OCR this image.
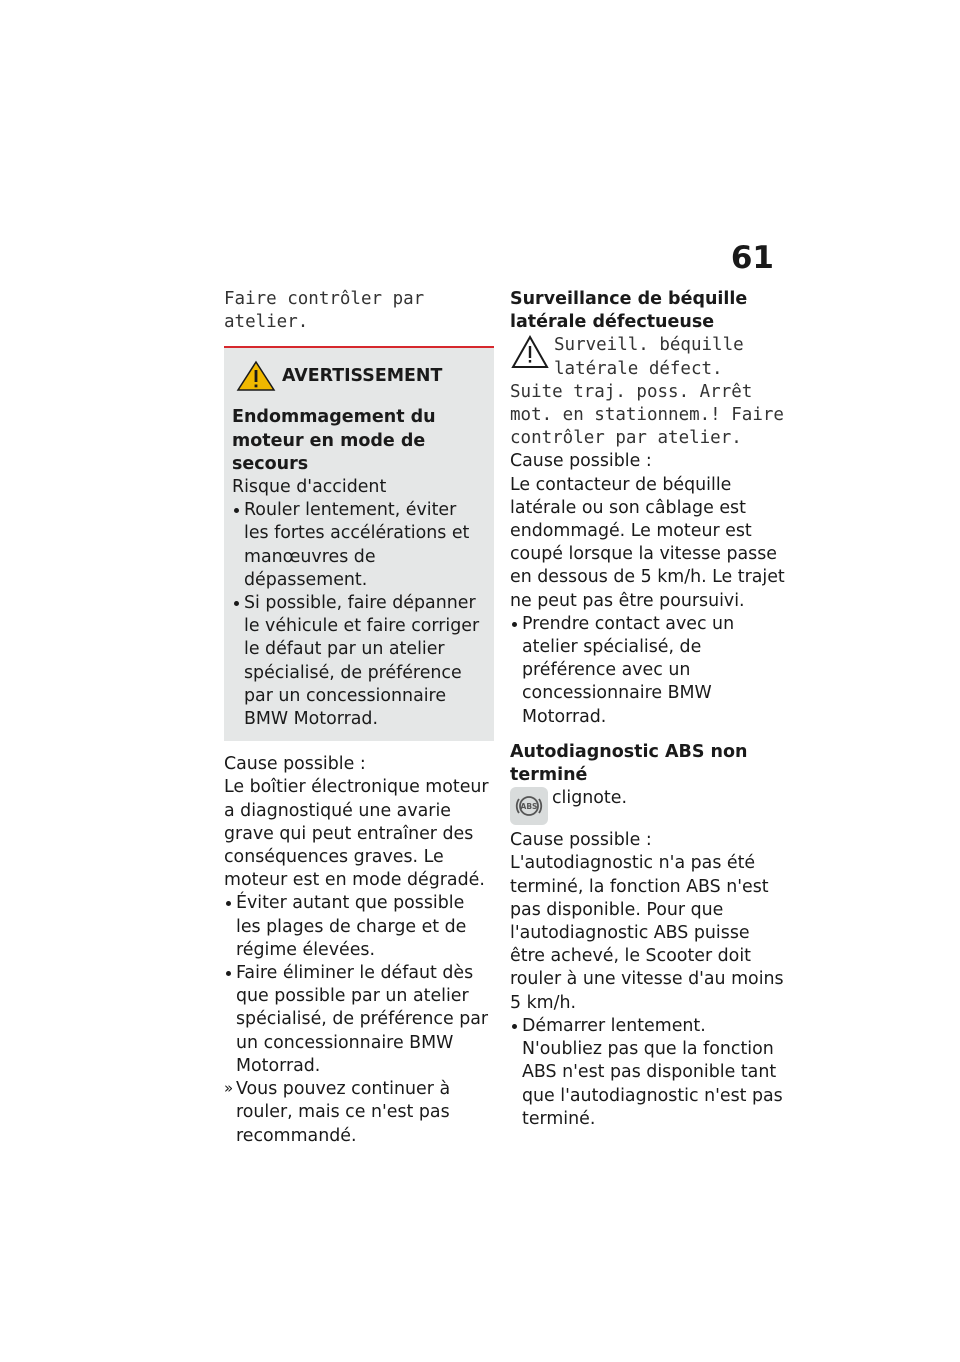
61

Faire contrôler par atelier.

AVERTISSEMENT

Endommagement du moteur en mode de secours

Risque d'accident

Rouler lentement, éviter les fortes accélérations et manœuvres de dépassement.
Si possible, faire dépanner le véhicule et faire corriger le défaut par un atelier spécialisé, de préférence par un concessionnaire BMW Motorrad.

Cause possible :

Le boîtier électronique moteur a diagnostiqué une avarie grave qui peut entraîner des conséquences graves. Le moteur est en mode dégradé.

Éviter autant que possible les plages de charge et de régime élevées.
Faire éliminer le défaut dès que possible par un atelier spécialisé, de préférence par un concessionnaire BMW Motorrad.
» Vous pouvez continuer à rouler, mais ce n'est pas recommandé.

Surveillance de béquille latérale défectueuse

Surveill. béquille

latérale défect.

Suite traj. poss. Arrêt mot. en stationnem.! Faire contrôler par atelier.

Cause possible :

Le contacteur de béquille latérale ou son câblage est endommagé. Le moteur est coupé lorsque la vitesse passe en dessous de 5 km/h. Le trajet ne peut pas être poursuivi.

Prendre contact avec un atelier spécialisé, de préférence avec un concessionnaire BMW Motorrad.

Autodiagnostic ABS non terminé

ABS clignote.

Cause possible :

L'autodiagnostic n'a pas été terminé, la fonction ABS n'est pas disponible. Pour que l'autodiagnostic ABS puisse être achevé, le Scooter doit rouler à une vitesse d'au moins 5 km/h.

Démarrer lentement. N'oubliez pas que la fonction ABS n'est pas disponible tant que l'autodiagnostic n'est pas terminé.
